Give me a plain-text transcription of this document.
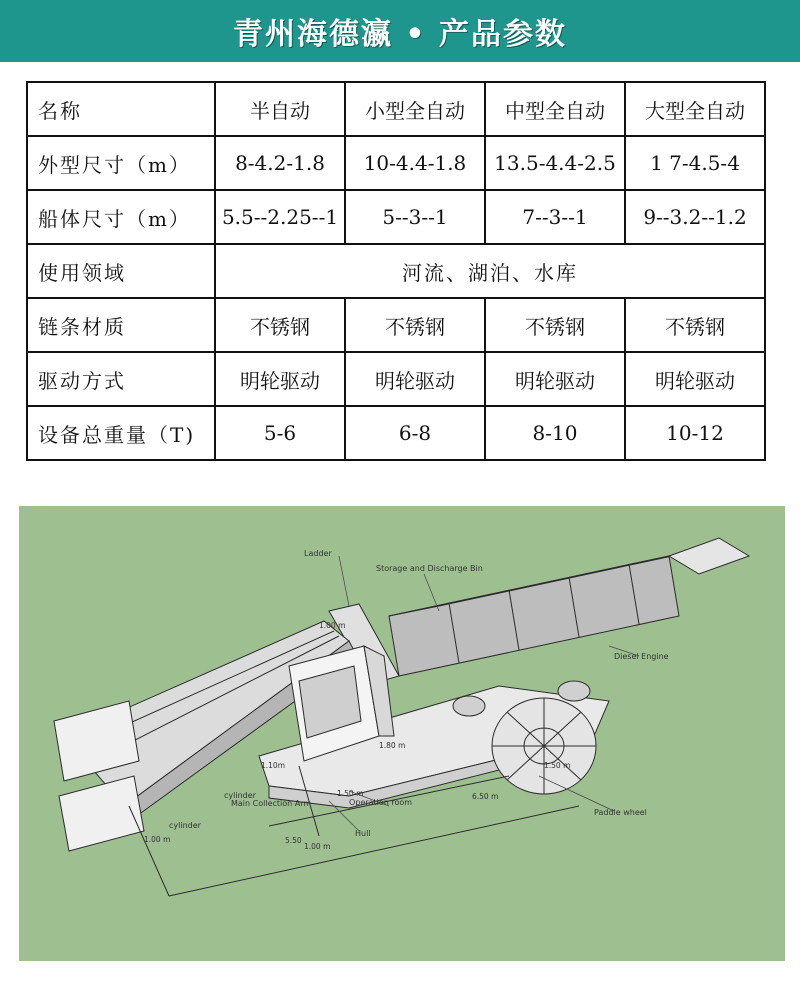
青州海德瀛 • 产品参数
名称	半自动	小型全自动	中型全自动	大型全自动
外型尺寸（m）	8-4.2-1.8	10-4.4-1.8	13.5-4.4-2.5	1 7-4.5-4
船体尺寸（m）	5.5--2.25--1	5--3--1	7--3--1	9--3.2--1.2
使用领域	河流、湖泊、水库			
链条材质	不锈钢	不锈钢	不锈钢	不锈钢
驱动方式	明轮驱动	明轮驱动	明轮驱动	明轮驱动
设备总重量（T)	5-6	6-8	8-10	10-12
Ladder
Storage and Discharge Bin
Diesel Engine
Paddle wheel
Operation room
Hull
Main Collection Arm
cylinder
cylinder
1.00 m
1.10m
1.80 m
1.50 m
1.50 m	6.50 m
5.50
1.00 m
1.00 m
